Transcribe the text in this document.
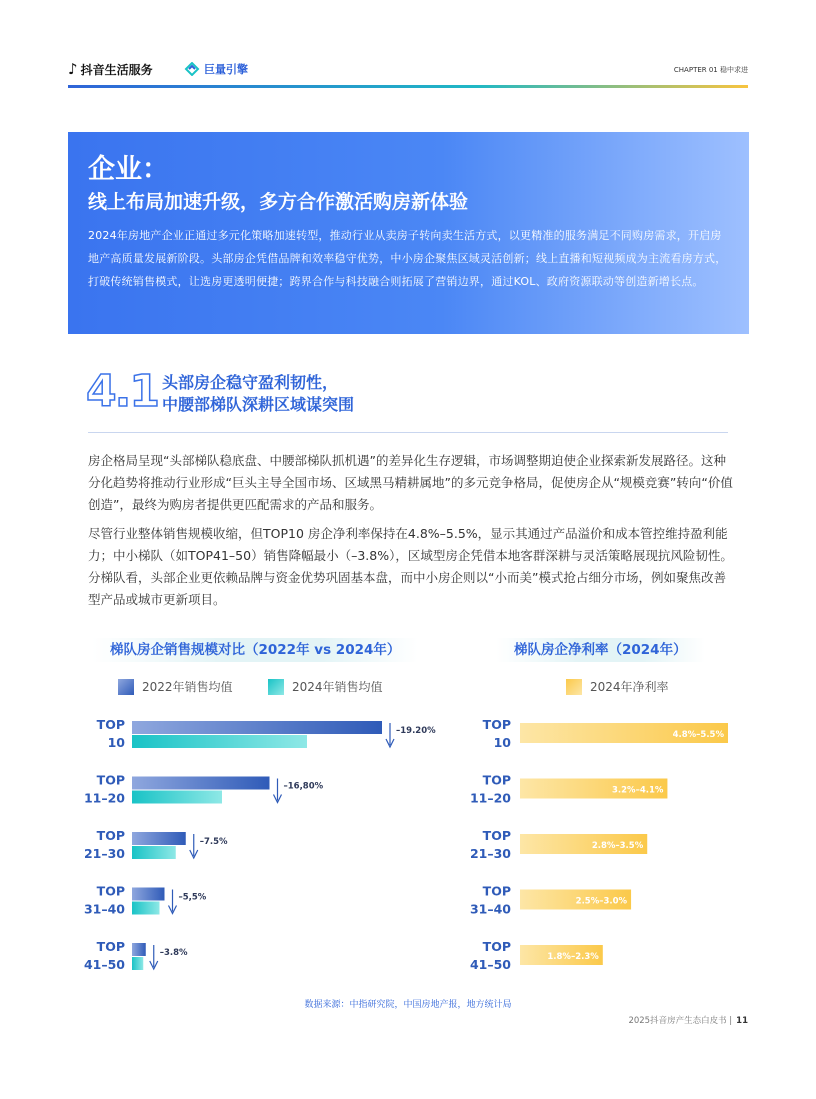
♪ 抖音生活服务	巨量引擎	CHAPTER 01 稳中求进
企业：
线上布局加速升级，多方合作激活购房新体验

2024年房地产企业正通过多元化策略加速转型，推动行业从卖房子转向卖生活方式，以更精准的服务满足不同购房需求，开启房地产高质量发展新阶段。头部房企凭借品牌和效率稳守优势，中小房企聚焦区域灵活创新；线上直播和短视频成为主流看房方式，打破传统销售模式，让选房更透明便捷；跨界合作与科技融合则拓展了营销边界，通过KOL、政府资源联动等创造新增长点。

4.1 头部房企稳守盈利韧性，
中腰部梯队深耕区域谋突围

房企格局呈现“头部梯队稳底盘、中腰部梯队抓机遇”的差异化生存逻辑，市场调整期迫使企业探索新发展路径。这种分化趋势将推动行业形成“巨头主导全国市场、区域黑马精耕属地”的多元竞争格局，促使房企从“规模竞赛”转向“价值创造”，最终为购房者提供更匹配需求的产品和服务。

尽管行业整体销售规模收缩，但TOP10 房企净利率保持在4.8%–5.5%，显示其通过产品溢价和成本管控维持盈利能力；中小梯队（如TOP41–50）销售降幅最小（–3.8%），区域型房企凭借本地客群深耕与灵活策略展现抗风险韧性。分梯队看，头部企业更依赖品牌与资金优势巩固基本盘，而中小房企则以“小而美”模式抢占细分市场，例如聚焦改善型产品或城市更新项目。

梯队房企销售规模对比（2022年 vs 2024年）	梯队房企净利率（2024年）
2022年销售均值	2024年销售均值	2024年净利率
TOP
10
–19.20%
TOP
11–20
–16,80%
TOP
21–30
–7.5%
TOP
31–40
–5,5%
TOP
41–50
–3.8%
TOP
10	4.8%–5.5%
TOP
11–20	3.2%–4.1%
TOP
21–30	2.8%–3.5%
TOP
31–40	2.5%–3.0%
TOP
41–50	1.8%–2.3%
数据来源：中指研究院，中国房地产报，地方统计局
2025抖音房产生态白皮书 | 11
